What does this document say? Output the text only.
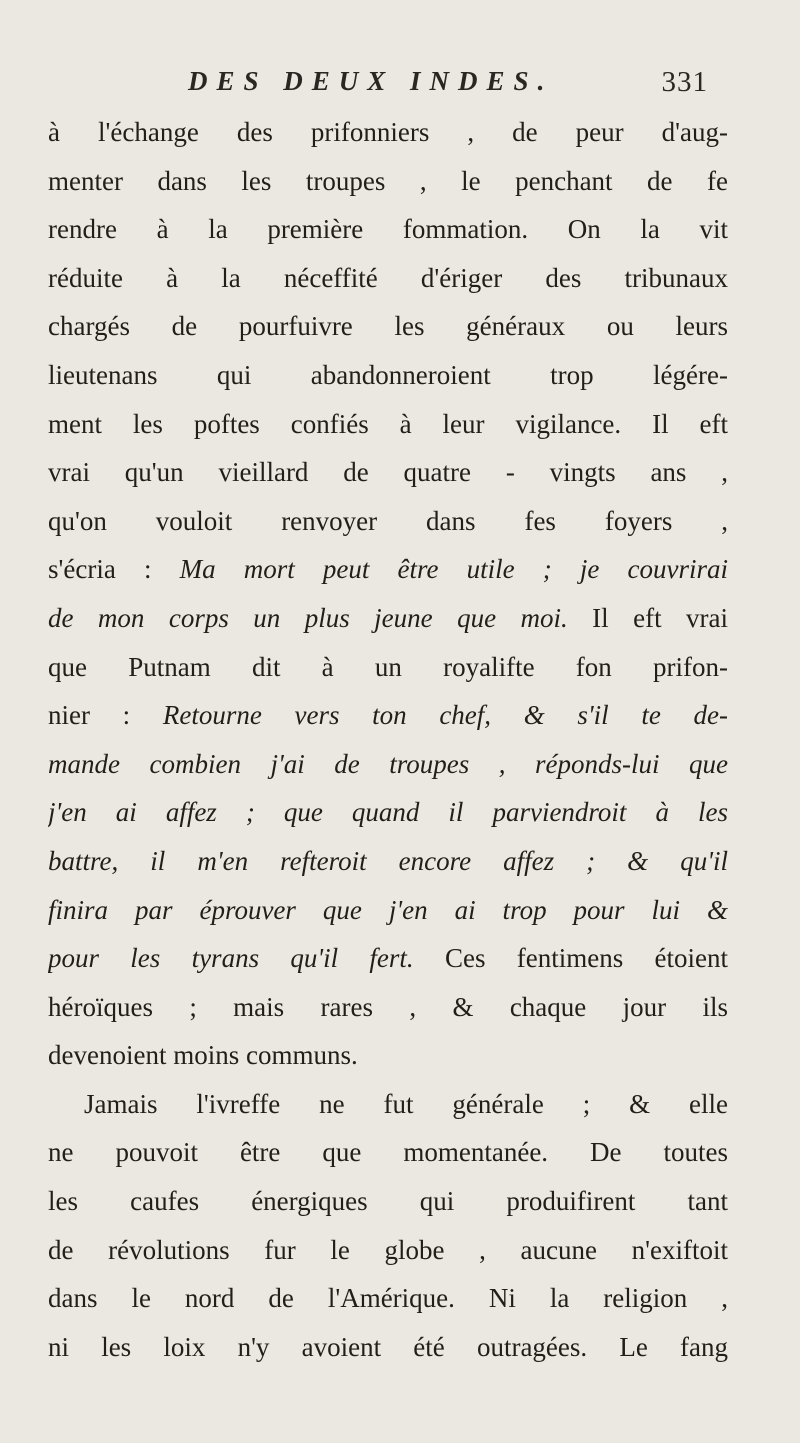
DES DEUX INDES.	331
à l'échange des prifonniers , de peur d'aug-
menter dans les troupes , le penchant de fe
rendre à la première fommation. On la vit
réduite à la néceffité d'ériger des tribunaux
chargés de pourfuivre les généraux ou leurs
lieutenans qui abandonneroient trop légére-
ment les poftes confiés à leur vigilance. Il eft
vrai qu'un vieillard de quatre - vingts ans ,
qu'on vouloit renvoyer dans fes foyers ,
s'écria : Ma mort peut être utile ; je couvrirai
de mon corps un plus jeune que moi. Il eft vrai
que Putnam dit à un royalifte fon prifon-
nier : Retourne vers ton chef, & s'il te de-
mande combien j'ai de troupes , réponds-lui que
j'en ai affez ; que quand il parviendroit à les
battre, il m'en refteroit encore affez ; & qu'il
finira par éprouver que j'en ai trop pour lui &
pour les tyrans qu'il fert. Ces fentimens étoient
héroïques ; mais rares , & chaque jour ils
devenoient moins communs.
Jamais l'ivreffe ne fut générale ; & elle
ne pouvoit être que momentanée. De toutes
les caufes énergiques qui produifirent tant
de révolutions fur le globe , aucune n'exiftoit
dans le nord de l'Amérique. Ni la religion ,
ni les loix n'y avoient été outragées. Le fang
